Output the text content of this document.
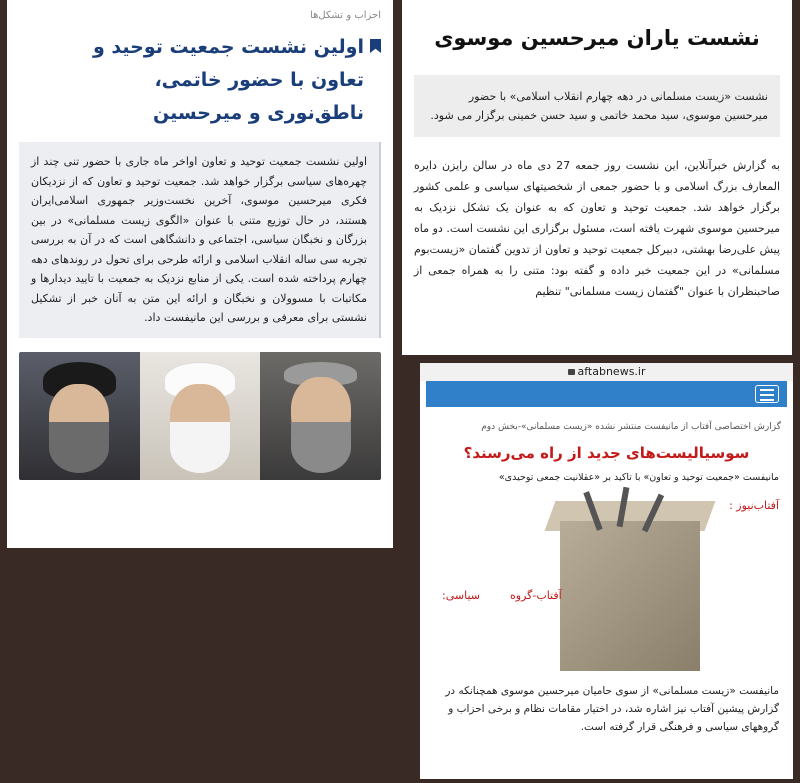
احزاب و تشکل‌ها
اولین نشست جمعیت توحید و تعاون با حضور خاتمی، ناطق‌نوری و میرحسین
اولین نشست جمعیت توحید و تعاون اواخر ماه جاری با حضور تنی چند از چهره‌های سیاسی برگزار خواهد شد. جمعیت توحید و تعاون که از نزدیکان فکری میرحسین موسوی، آخرین نخست‌وزیر جمهوری اسلامی‌ایران هستند، در حال توزیع متنی با عنوان «الگوی زیست مسلمانی» در بین بزرگان و نخبگان سیاسی، اجتماعی و دانشگاهی است که در آن به بررسی تجربه سی ساله انقلاب اسلامی و ارائه طرحی برای تحول در روندهای دهه چهارم پرداخته شده است. یکی از منابع نزدیک به جمعیت با تایید دیدارها و مکاتبات با مسوولان و نخبگان و ارائه این متن به آنان خبر از تشکیل نشستی برای معرفی و بررسی این مانیفست داد.
نشست یاران میرحسین موسوی
نشست «زیست مسلمانی در دهه چهارم انقلاب اسلامی» با حضور میرحسین موسوی، سید محمد خاتمی و سید حسن خمینی برگزار می شود.
به گزارش خبرآنلاین، این نشست روز جمعه 27 دی ماه در سالن رایزن دایره المعارف بزرگ اسلامی و با حضور جمعی از شخصیتهای سیاسی و علمی کشور برگزار خواهد شد. جمعیت توحید و تعاون که به عنوان یک تشکل نزدیک به میرحسین موسوی شهرت یافته است، مسئول برگزاری این نشست است. دو ماه پیش علی‌رضا بهشتی، دبیرکل جمعیت توحید و تعاون از تدوین گفتمان «زیست‌بوم مسلمانی» در این جمعیت خبر داده و گفته بود: متنی را به همراه جمعی از صاحبنظران با عنوان "گفتمان زیست مسلمانی" تنظیم
aftabnews.ir
گزارش اختصاصی آفتاب از مانیفست منتشر نشده «زیست مسلمانی»-بخش دوم
سوسیالیست‌های جدید از راه می‌رسند؟
مانیفست «جمعیت توحید و تعاون» با تاکید بر «عقلانیت جمعی توحیدی»
آفتاب‌نیوز :
آفتاب-گروه
سیاسی:
مانیفست «زیست مسلمانی» از سوی حامیان میرحسین موسوی همچنانکه در گزارش پیشین آفتاب نیز اشاره شد، در اختیار مقامات نظام و برخی احزاب و گروههای سیاسی و فرهنگی قرار گرفته است.
